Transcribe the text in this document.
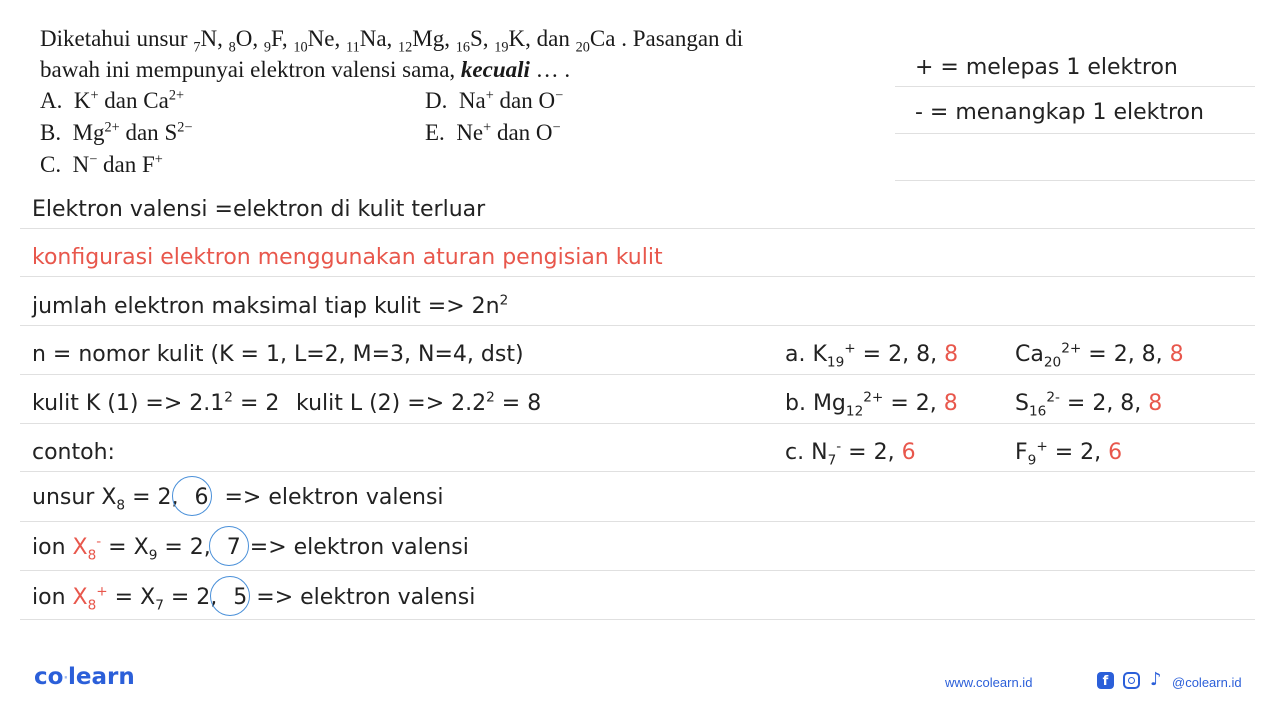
Diketahui unsur $_7$N, $_8$O, $_9$F, $_{10}$Ne, $_{11}$Na, $_{12}$Mg, $_{16}$S, $_{19}$K, dan $_{20}$Ca . Pasangan di
bawah ini mempunyai elektron valensi sama, kecuali … .
A.  K+ dan $Ca^{2+}$
B.  $Mg^{2+}$ dan $S^{2-}$
C.  N− dan F+
D.  Na+ dan O−
E.  Ne+ dan O−
+ = melepas 1 elektron
- = menangkap 1 elektron
Elektron valensi =elektron di kulit terluar
konfigurasi elektron menggunakan aturan pengisian kulit
jumlah elektron maksimal tiap kulit => $2n^2$
n = nomor kulit (K = 1, L=2, M=3, N=4, dst)
kulit K $(1) => 2.1^2 = 2$ kulit L $(2) => 2.2^2 = 8$
contoh:
unsur $X_8 = 2$, 6 => elektron valensi
ion $X_8^- = X_9 = 2$, 7 => elektron valensi
ion $X_8^+ = X_7 = 2$, 5 => elektron valensi
a. $K_{19}^+ = 2$, 8, 8	$Ca_{20}^{2+} = 2$, 8, 8
b. $Mg_{12}^{2+} = 2$, 8	$S_{16}^{2-} = 2$, 8, 8
c. $N_7^- = 2$, 6	$F_9^+ = 2$, 6
co·learn	www.colearn.id	f	♪ @colearn.id
